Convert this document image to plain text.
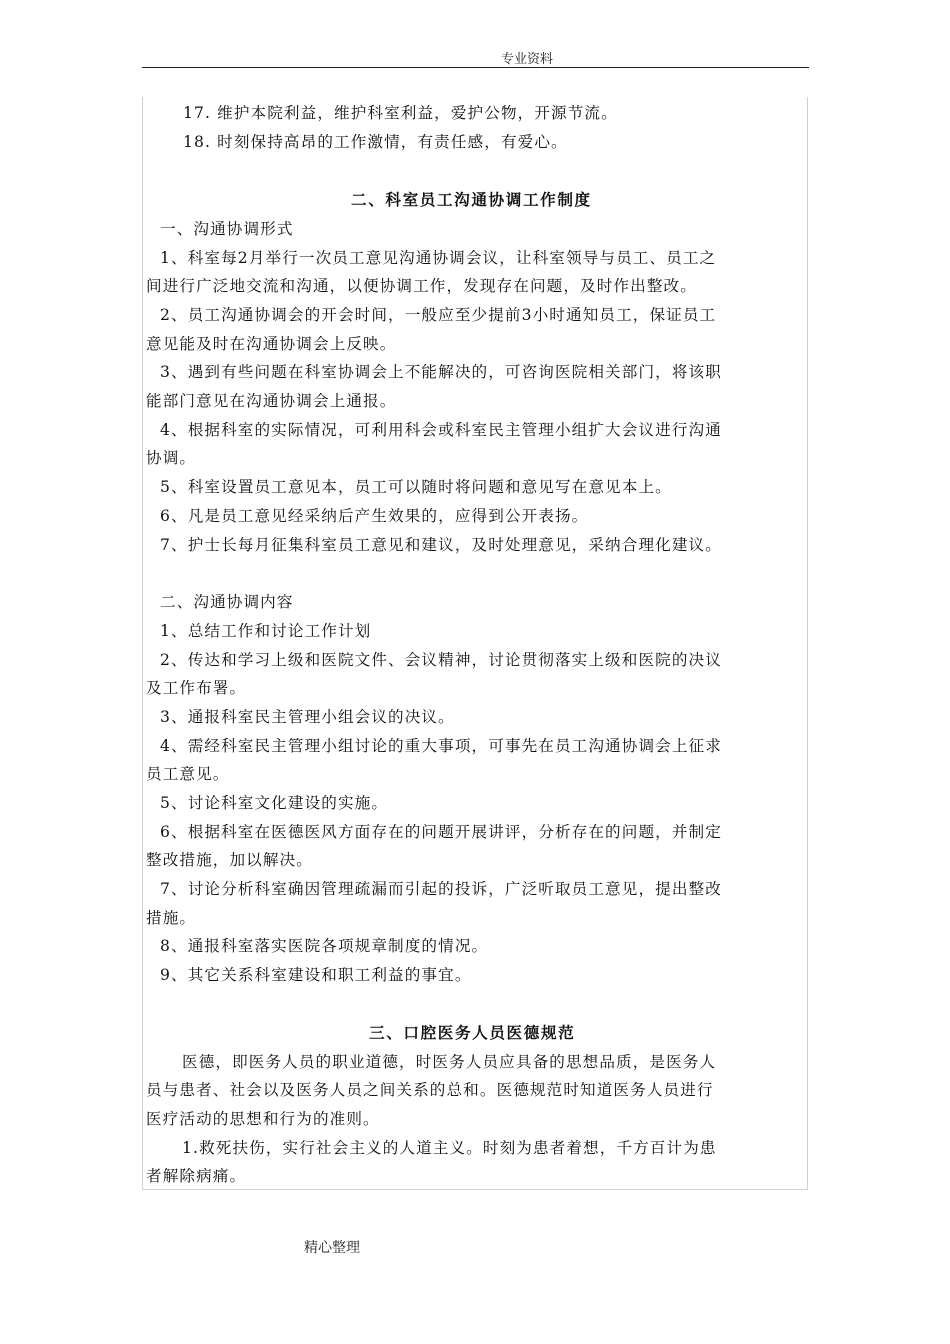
专业资料
17. 维护本院利益，维护科室利益，爱护公物，开源节流。
18. 时刻保持高昂的工作激情，有责任感，有爱心。
二、科室员工沟通协调工作制度
一、沟通协调形式
1、科室每2月举行一次员工意见沟通协调会议，让科室领导与员工、员工之
间进行广泛地交流和沟通，以便协调工作，发现存在问题，及时作出整改。
2、员工沟通协调会的开会时间，一般应至少提前3小时通知员工，保证员工
意见能及时在沟通协调会上反映。
3、遇到有些问题在科室协调会上不能解决的，可咨询医院相关部门，将该职
能部门意见在沟通协调会上通报。
4、根据科室的实际情况，可利用科会或科室民主管理小组扩大会议进行沟通
协调。
5、科室设置员工意见本，员工可以随时将问题和意见写在意见本上。
6、凡是员工意见经采纳后产生效果的，应得到公开表扬。
7、护士长每月征集科室员工意见和建议，及时处理意见，采纳合理化建议。
二、沟通协调内容
1、总结工作和讨论工作计划
2、传达和学习上级和医院文件、会议精神，讨论贯彻落实上级和医院的决议
及工作布署。
3、通报科室民主管理小组会议的决议。
4、需经科室民主管理小组讨论的重大事项，可事先在员工沟通协调会上征求
员工意见。
5、讨论科室文化建设的实施。
6、根据科室在医德医风方面存在的问题开展讲评，分析存在的问题，并制定
整改措施，加以解决。
7、讨论分析科室确因管理疏漏而引起的投诉，广泛听取员工意见，提出整改
措施。
8、通报科室落实医院各项规章制度的情况。
9、其它关系科室建设和职工利益的事宜。
三、口腔医务人员医德规范
医德，即医务人员的职业道德，时医务人员应具备的思想品质，是医务人
员与患者、社会以及医务人员之间关系的总和。医德规范时知道医务人员进行
医疗活动的思想和行为的准则。
1.救死扶伤，实行社会主义的人道主义。时刻为患者着想，千方百计为患
者解除病痛。
精心整理
